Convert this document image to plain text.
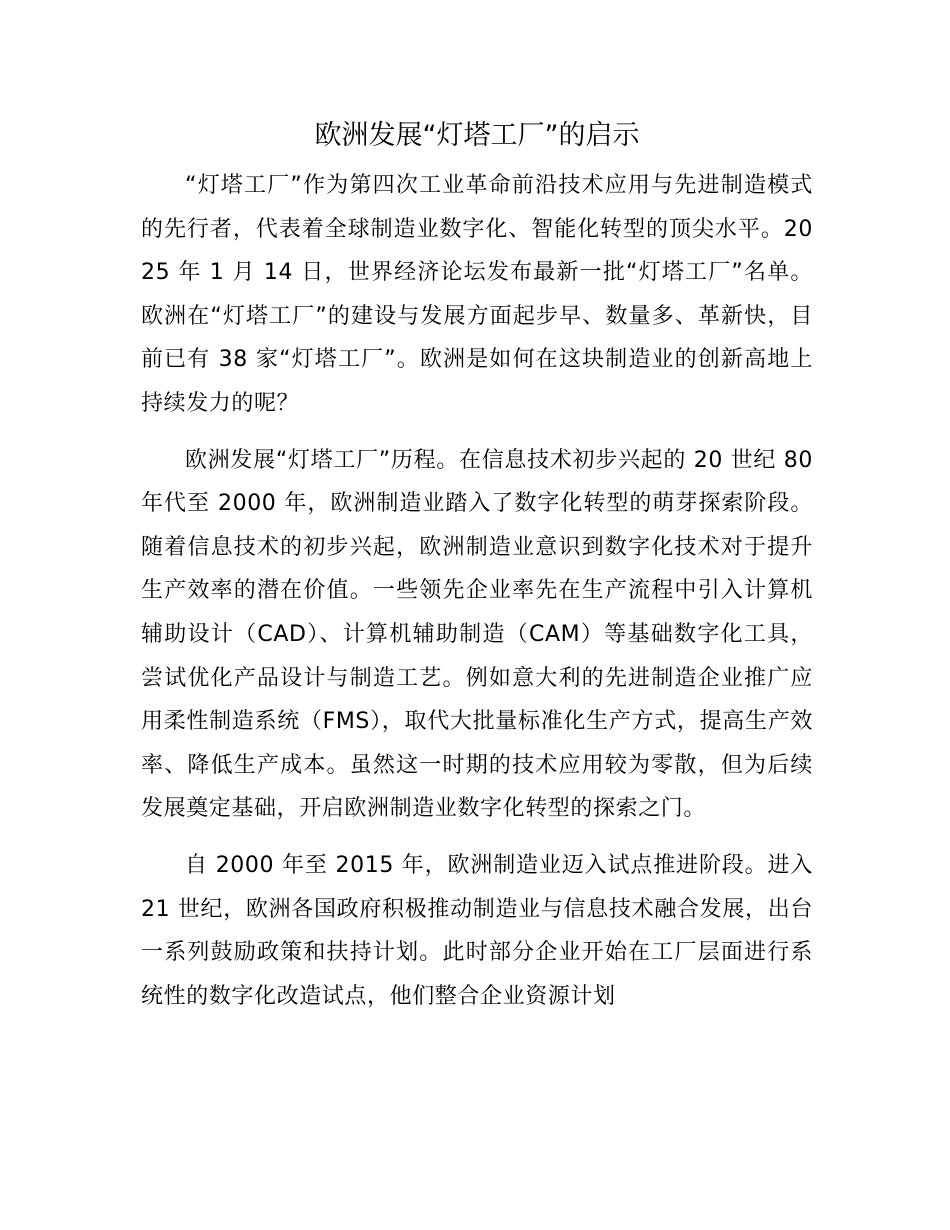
欧洲发展“灯塔工厂”的启示

“灯塔工厂”作为第四次工业革命前沿技术应用与先进制造模式的先行者，代表着全球制造业数字化、智能化转型的顶尖水平。2025 年 1 月 14 日，世界经济论坛发布最新一批“灯塔工厂”名单。欧洲在“灯塔工厂”的建设与发展方面起步早、数量多、革新快，目前已有 38 家“灯塔工厂”。欧洲是如何在这块制造业的创新高地上持续发力的呢？

欧洲发展“灯塔工厂”历程。在信息技术初步兴起的 20 世纪 80 年代至 2000 年，欧洲制造业踏入了数字化转型的萌芽探索阶段。随着信息技术的初步兴起，欧洲制造业意识到数字化技术对于提升生产效率的潜在价值。一些领先企业率先在生产流程中引入计算机辅助设计（CAD）、计算机辅助制造（CAM）等基础数字化工具，尝试优化产品设计与制造工艺。例如意大利的先进制造企业推广应用柔性制造系统（FMS），取代大批量标准化生产方式，提高生产效率、降低生产成本。虽然这一时期的技术应用较为零散，但为后续发展奠定基础，开启欧洲制造业数字化转型的探索之门。

自 2000 年至 2015 年，欧洲制造业迈入试点推进阶段。进入 21 世纪，欧洲各国政府积极推动制造业与信息技术融合发展，出台一系列鼓励政策和扶持计划。此时部分企业开始在工厂层面进行系统性的数字化改造试点，他们整合企业资源计划
